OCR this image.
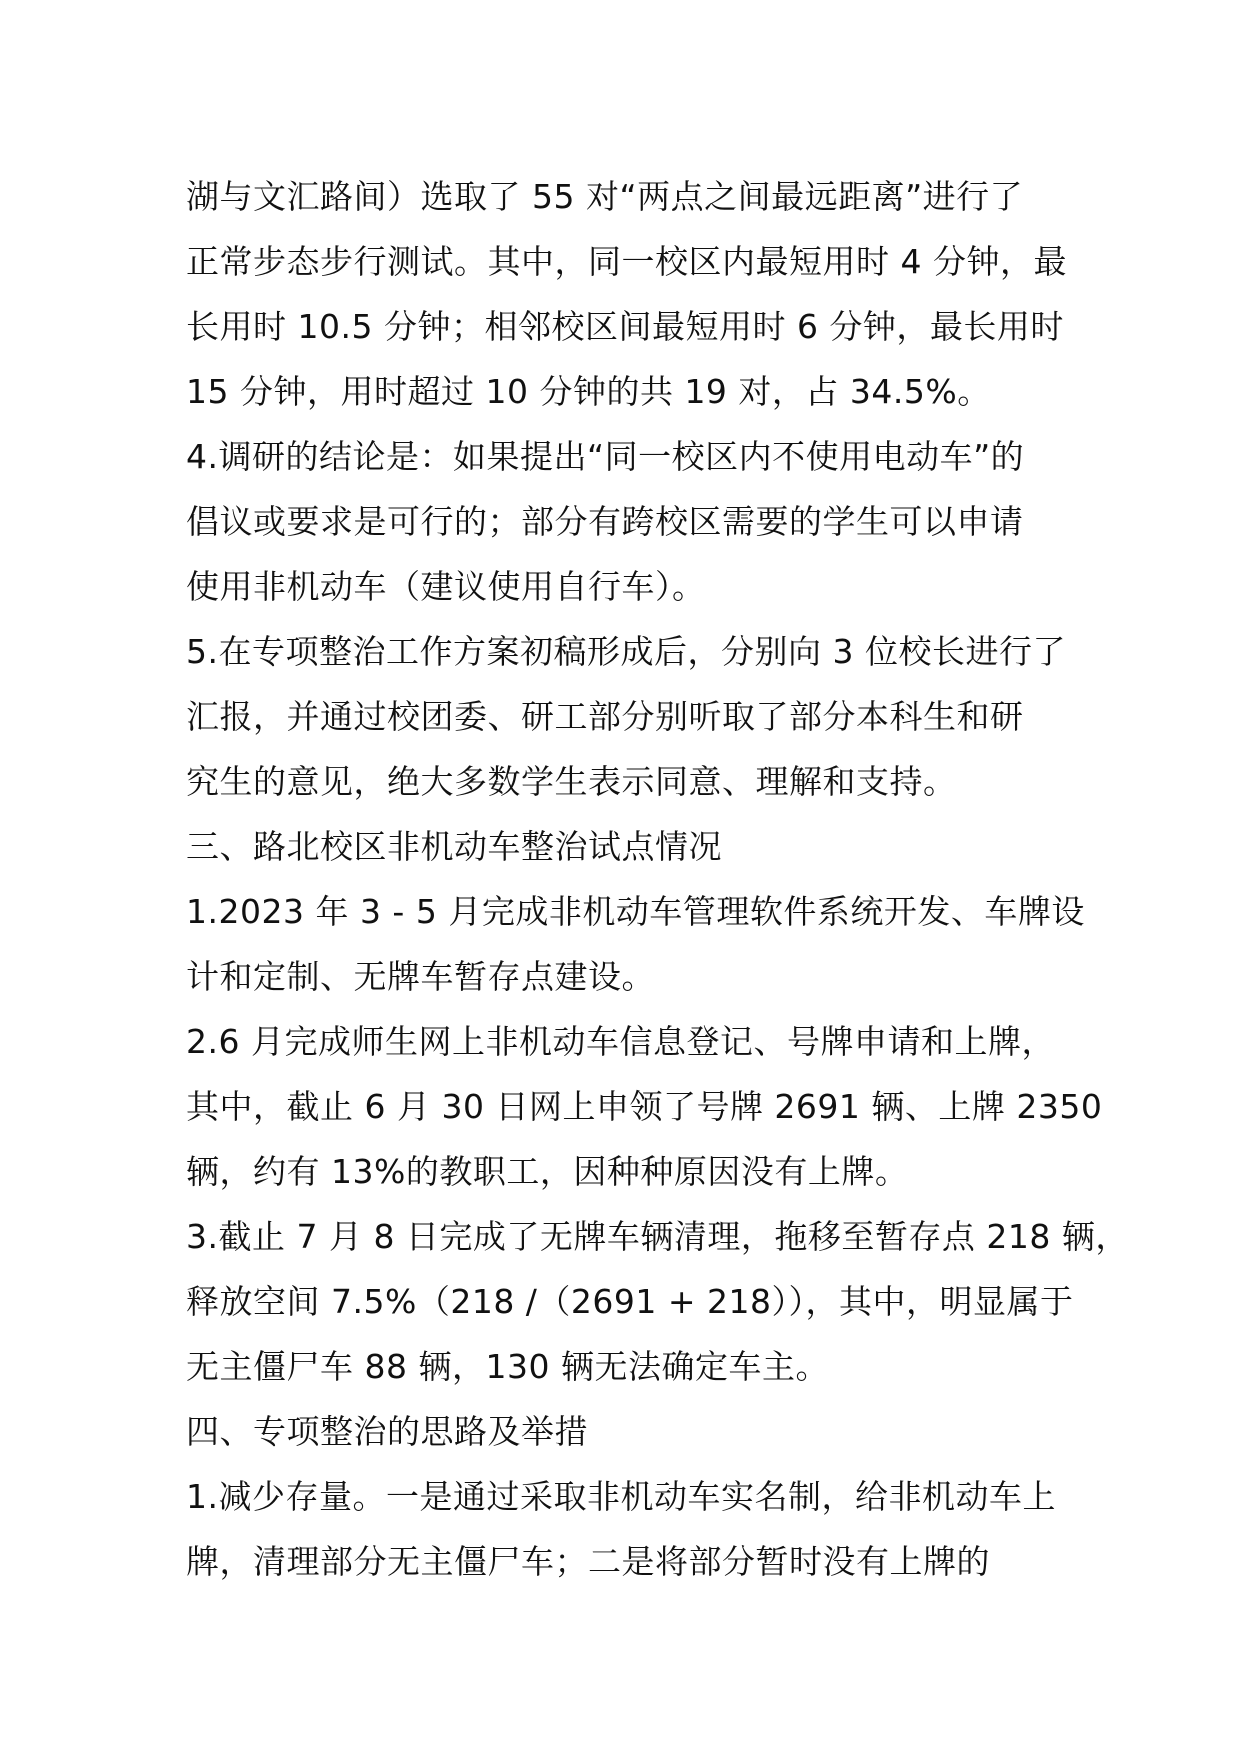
湖与文汇路间）选取了 55 对“两点之间最远距离”进行了
正常步态步行测试。其中，同一校区内最短用时 4 分钟，最
长用时 10.5 分钟；相邻校区间最短用时 6 分钟，最长用时
15 分钟，用时超过 10 分钟的共 19 对，占 34.5%。
4.调研的结论是：如果提出“同一校区内不使用电动车”的
倡议或要求是可行的；部分有跨校区需要的学生可以申请
使用非机动车（建议使用自行车）。
5.在专项整治工作方案初稿形成后，分别向 3 位校长进行了
汇报，并通过校团委、研工部分别听取了部分本科生和研
究生的意见，绝大多数学生表示同意、理解和支持。
三、路北校区非机动车整治试点情况
1.2023 年 3 - 5 月完成非机动车管理软件系统开发、车牌设
计和定制、无牌车暂存点建设。
2.6 月完成师生网上非机动车信息登记、号牌申请和上牌，
其中，截止 6 月 30 日网上申领了号牌 2691 辆、上牌 2350
辆，约有 13%的教职工，因种种原因没有上牌。
3.截止 7 月 8 日完成了无牌车辆清理，拖移至暂存点 218 辆，
释放空间 7.5%（218 /（2691 + 218）），其中，明显属于
无主僵尸车 88 辆，130 辆无法确定车主。
四、专项整治的思路及举措
1.减少存量。一是通过采取非机动车实名制，给非机动车上
牌，清理部分无主僵尸车；二是将部分暂时没有上牌的
